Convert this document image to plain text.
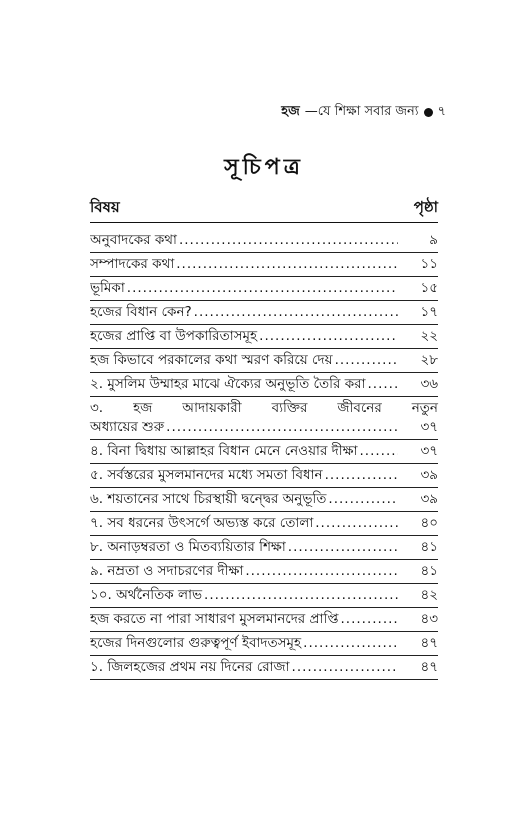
হজ —যে শিক্ষা সবার জন্য ৭
সূচিপত্র
বিষয়	পৃষ্ঠা
অনুবাদকের কথা .....	৯
সম্পাদকের কথা .....	১১
ভূমিকা .....	১৫
হজের বিধান কেন? .....	১৭
হজের প্রাপ্তি বা উপকারিতাসমূহ .....	২২
হজ কিভাবে পরকালের কথা স্মরণ করিয়ে দেয় .....	২৮
২. মুসলিম উম্মাহর মাঝে ঐক্যের অনুভূতি তৈরি করা .....	৩৬
৩. হজ আদায়কারী ব্যক্তির জীবনের নতুন
অধ্যায়ের শুরু .....	৩৭
৪. বিনা দ্বিধায় আল্লাহর বিধান মেনে নেওয়ার দীক্ষা .....	৩৭
৫. সর্বস্তরের মুসলমানদের মধ্যে সমতা বিধান .....	৩৯
৬. শয়তানের সাথে চিরস্থায়ী দ্বন্দ্বের অনুভূতি .....	৩৯
৭. সব ধরনের উৎসর্গে অভ্যস্ত করে তোলা .....	৪০
৮. অনাড়ম্বরতা ও মিতব্যয়িতার শিক্ষা .....	৪১
৯. নম্রতা ও সদাচরণের দীক্ষা .....	৪১
১০. অর্থনৈতিক লাভ .....	৪২
হজ করতে না পারা সাধারণ মুসলমানদের প্রাপ্তি .....	৪৩
হজের দিনগুলোর গুরুত্বপূর্ণ ইবাদতসমূহ .....	৪৭
১. জিলহজের প্রথম নয় দিনের রোজা .....	৪৭
